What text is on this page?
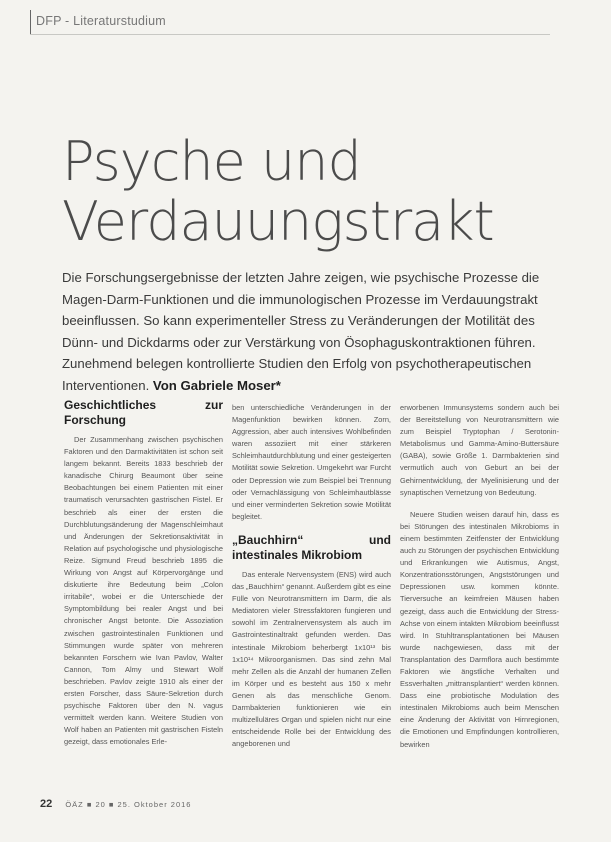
DFP - Literaturstudium
Psyche und
Verdauungstrakt

Die Forschungsergebnisse der letzten Jahre zeigen, wie psychische Prozesse die Magen-Darm-Funktionen und die immunologischen Prozesse im Verdauungstrakt beeinflussen. So kann experimenteller Stress zu Veränderungen der Motilität des Dünn- und Dickdarms oder zur Verstärkung von Ösophaguskontraktionen führen. Zunehmend belegen kontrollierte Studien den Erfolg von psychotherapeutischen Interventionen. Von Gabriele Moser*

Geschichtliches zur Forschung

Der Zusammenhang zwischen psychischen Faktoren und den Darmaktivitäten ist schon seit langem bekannt. Bereits 1833 beschrieb der kanadische Chirurg Beaumont über seine Beobachtungen bei einem Patienten mit einer traumatisch verursachten gastrischen Fistel. Er beschrieb als einer der ersten die Durchblutungsänderung der Magenschleimhaut und Änderungen der Sekretionsaktivität in Relation auf psychologische und physiologische Reize. Sigmund Freud beschrieb 1895 die Wirkung von Angst auf Körpervorgänge und diskutierte ihre Bedeutung beim „Colon irritabile“, wobei er die Unterschiede der Symptombildung bei realer Angst und bei chronischer Angst betonte. Die Assoziation zwischen gastrointestinalen Funktionen und Stimmungen wurde später von mehreren bekannten Forschern wie Ivan Pavlov, Walter Cannon, Tom Almy und Stewart Wolf beschrieben. Pavlov zeigte 1910 als einer der ersten Forscher, dass Säure-Sekretion durch psychische Faktoren über den N. vagus vermittelt werden kann. Weitere Studien von Wolf haben an Patienten mit gastrischen Fisteln gezeigt, dass emotionales Erle-

ben unterschiedliche Veränderungen in der Magenfunktion bewirken können. Zorn, Aggression, aber auch intensives Wohlbefinden waren assoziiert mit einer stärkeren Schleimhautdurchblutung und einer gesteigerten Motilität sowie Sekretion. Umgekehrt war Furcht oder Depression wie zum Beispiel bei Trennung oder Vernachlässigung von Schleimhautblässe und einer verminderten Sekretion sowie Motilität begleitet.

„Bauchhirn“ und intestinales Mikrobiom

Das enterale Nervensystem (ENS) wird auch das „Bauchhirn“ genannt. Außerdem gibt es eine Fülle von Neurotransmittern im Darm, die als Mediatoren vieler Stressfaktoren fungieren und sowohl im Zentralnervensystem als auch im Gastrointestinaltrakt gefunden werden. Das intestinale Mikrobiom beherbergt 1x10¹³ bis 1x10¹⁴ Mikroorganismen. Das sind zehn Mal mehr Zellen als die Anzahl der humanen Zellen im Körper und es besteht aus 150 x mehr Genen als das menschliche Genom. Darmbakterien funktionieren wie ein multizelluläres Organ und spielen nicht nur eine entscheidende Rolle bei der Entwicklung des angeborenen und

erworbenen Immunsystems sondern auch bei der Bereitstellung von Neurotransmittern wie zum Beispiel Tryptophan / Serotonin-Metabolismus und Gamma-Amino-Buttersäure (GABA), sowie Größe 1. Darmbakterien sind vermutlich auch von Geburt an bei der Gehirnentwicklung, der Myelinisierung und der synaptischen Vernetzung von Bedeutung.

Neuere Studien weisen darauf hin, dass es bei Störungen des intestinalen Mikrobioms in einem bestimmten Zeitfenster der Entwicklung auch zu Störungen der psychischen Entwicklung und Erkrankungen wie Autismus, Angst, Konzentrationsstörungen, Angststörungen und Depressionen usw. kommen könnte. Tierversuche an keimfreien Mäusen haben gezeigt, dass auch die Entwicklung der Stress-Achse von einem intakten Mikrobiom beeinflusst wird. In Stuhltransplantationen bei Mäusen wurde nachgewiesen, dass mit der Transplantation des Darmflora auch bestimmte Faktoren wie ängstliche Verhalten und Essverhalten „mittransplantiert“ werden können. Dass eine probiotische Modulation des intestinalen Mikrobioms auch beim Menschen eine Änderung der Aktivität von Hirnregionen, die Emotionen und Empfindungen kontrollieren, bewirken

22 ÖÄZ ■ 20 ■ 25. Oktober 2016
